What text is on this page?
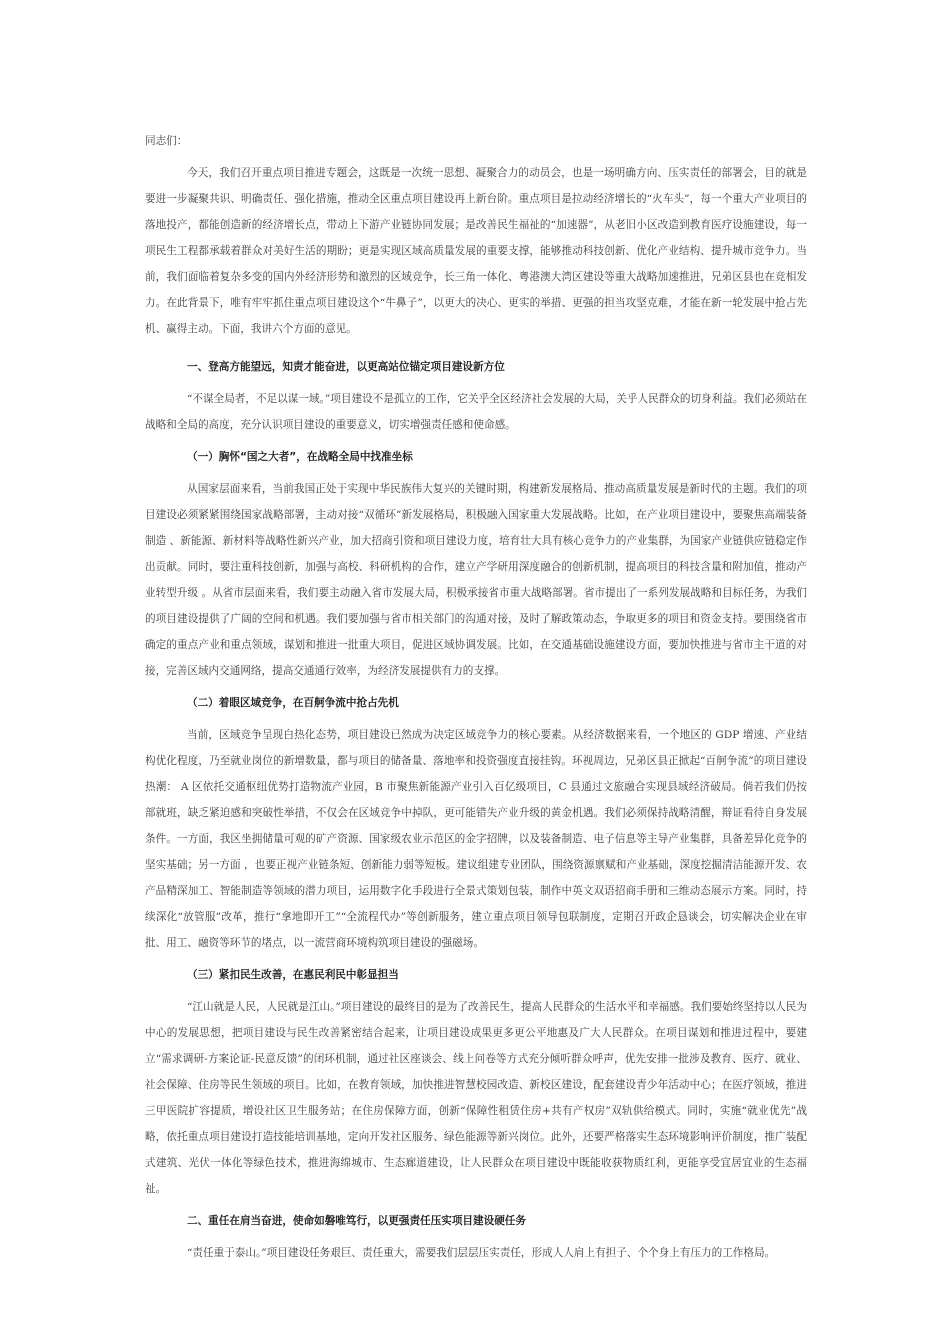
同志们：

今天，我们召开重点项目推进专题会，这既是一次统一思想、凝聚合力的动员会，也是一场明确方向、压实责任的部署会，目的就是要进一步凝聚共识、明确责任、强化措施，推动全区重点项目建设再上新台阶。重点项目是拉动经济增长的“火车头”，每一个重大产业项目的落地投产，都能创造新的经济增长点，带动上下游产业链协同发展；是改善民生福祉的“加速器”，从老旧小区改造到教育医疗设施建设，每一项民生工程都承载着群众对美好生活的期盼；更是实现区域高质量发展的重要支撑，能够推动科技创新、优化产业结构、提升城市竞争力。当前，我们面临着复杂多变的国内外经济形势和激烈的区域竞争，长三角一体化、粤港澳大湾区建设等重大战略加速推进，兄弟区县也在竞相发力。在此背景下，唯有牢牢抓住重点项目建设这个“牛鼻子”，以更大的决心、更实的举措、更强的担当攻坚克难，才能在新一轮发展中抢占先机、赢得主动。下面，我讲六个方面的意见。

一、登高方能望远，知责才能奋进，以更高站位锚定项目建设新方位

“不谋全局者，不足以谋一域。”项目建设不是孤立的工作，它关乎全区经济社会发展的大局，关乎人民群众的切身利益。我们必须站在战略和全局的高度，充分认识项目建设的重要意义，切实增强责任感和使命感。

（一）胸怀“国之大者”，在战略全局中找准坐标

从国家层面来看，当前我国正处于实现中华民族伟大复兴的关键时期，构建新发展格局、推动高质量发展是新时代的主题。我们的项目建设必须紧紧围绕国家战略部署，主动对接“双循环”新发展格局，积极融入国家重大发展战略。比如，在产业项目建设中，要聚焦高端装备制造 、新能源、新材料等战略性新兴产业，加大招商引资和项目建设力度，培育壮大具有核心竞争力的产业集群，为国家产业链供应链稳定作出贡献。同时，要注重科技创新，加强与高校、科研机构的合作，建立产学研用深度融合的创新机制，提高项目的科技含量和附加值，推动产业转型升级 。从省市层面来看，我们要主动融入省市发展大局，积极承接省市重大战略部署。省市提出了一系列发展战略和目标任务，为我们的项目建设提供了广阔的空间和机遇。我们要加强与省市相关部门的沟通对接，及时了解政策动态，争取更多的项目和资金支持。要围绕省市确定的重点产业和重点领域，谋划和推进一批重大项目，促进区域协调发展。比如，在交通基础设施建设方面，要加快推进与省市主干道的对接，完善区域内交通网络，提高交通通行效率，为经济发展提供有力的支撑。

（二）着眼区域竞争，在百舸争流中抢占先机

当前，区域竞争呈现白热化态势，项目建设已然成为决定区域竞争力的核心要素。从经济数据来看，一个地区的 GDP 增速、产业结构优化程度，乃至就业岗位的新增数量，都与项目的储备量、落地率和投资强度直接挂钩。环视周边，兄弟区县正掀起“百舸争流”的项目建设热潮： A 区依托交通枢纽优势打造物流产业园，B 市聚焦新能源产业引入百亿级项目，C 县通过文旅融合实现县域经济破局。倘若我们仍按部就班，缺乏紧迫感和突破性举措，不仅会在区域竞争中掉队，更可能错失产业升级的黄金机遇。我们必须保持战略清醒，辩证看待自身发展条件。一方面，我区坐拥储量可观的矿产资源、国家级农业示范区的金字招牌，以及装备制造、电子信息等主导产业集群，具备差异化竞争的坚实基础；另一方面 ，也要正视产业链条短、创新能力弱等短板。建议组建专业团队，围绕资源禀赋和产业基础，深度挖掘清洁能源开发、农产品精深加工、智能制造等领域的潜力项目，运用数字化手段进行全景式策划包装，制作中英文双语招商手册和三维动态展示方案。同时，持续深化“放管服”改革，推行“拿地即开工”“全流程代办”等创新服务，建立重点项目领导包联制度，定期召开政企恳谈会，切实解决企业在审批、用工、融资等环节的堵点，以一流营商环境构筑项目建设的强磁场。

（三）紧扣民生改善，在惠民利民中彰显担当

“江山就是人民，人民就是江山。”项目建设的最终目的是为了改善民生，提高人民群众的生活水平和幸福感。我们要始终坚持以人民为中心的发展思想，把项目建设与民生改善紧密结合起来，让项目建设成果更多更公平地惠及广大人民群众。在项目谋划和推进过程中，要建立“需求调研-方案论证-民意反馈”的闭环机制，通过社区座谈会、线上问卷等方式充分倾听群众呼声，优先安排一批涉及教育、医疗、就业、社会保障、住房等民生领域的项目。比如，在教育领域，加快推进智慧校园改造、新校区建设，配套建设青少年活动中心；在医疗领域，推进三甲医院扩容提质，增设社区卫生服务站；在住房保障方面，创新“保障性租赁住房+共有产权房”双轨供给模式。同时，实施“就业优先”战略，依托重点项目建设打造技能培训基地，定向开发社区服务、绿色能源等新兴岗位。此外，还要严格落实生态环境影响评价制度，推广装配式建筑、光伏一体化等绿色技术，推进海绵城市、生态廊道建设，让人民群众在项目建设中既能收获物质红利，更能享受宜居宜业的生态福祉。

二、重任在肩当奋进，使命如磐唯笃行，以更强责任压实项目建设硬任务

“责任重于泰山。”项目建设任务艰巨、责任重大，需要我们层层压实责任，形成人人肩上有担子、个个身上有压力的工作格局。
